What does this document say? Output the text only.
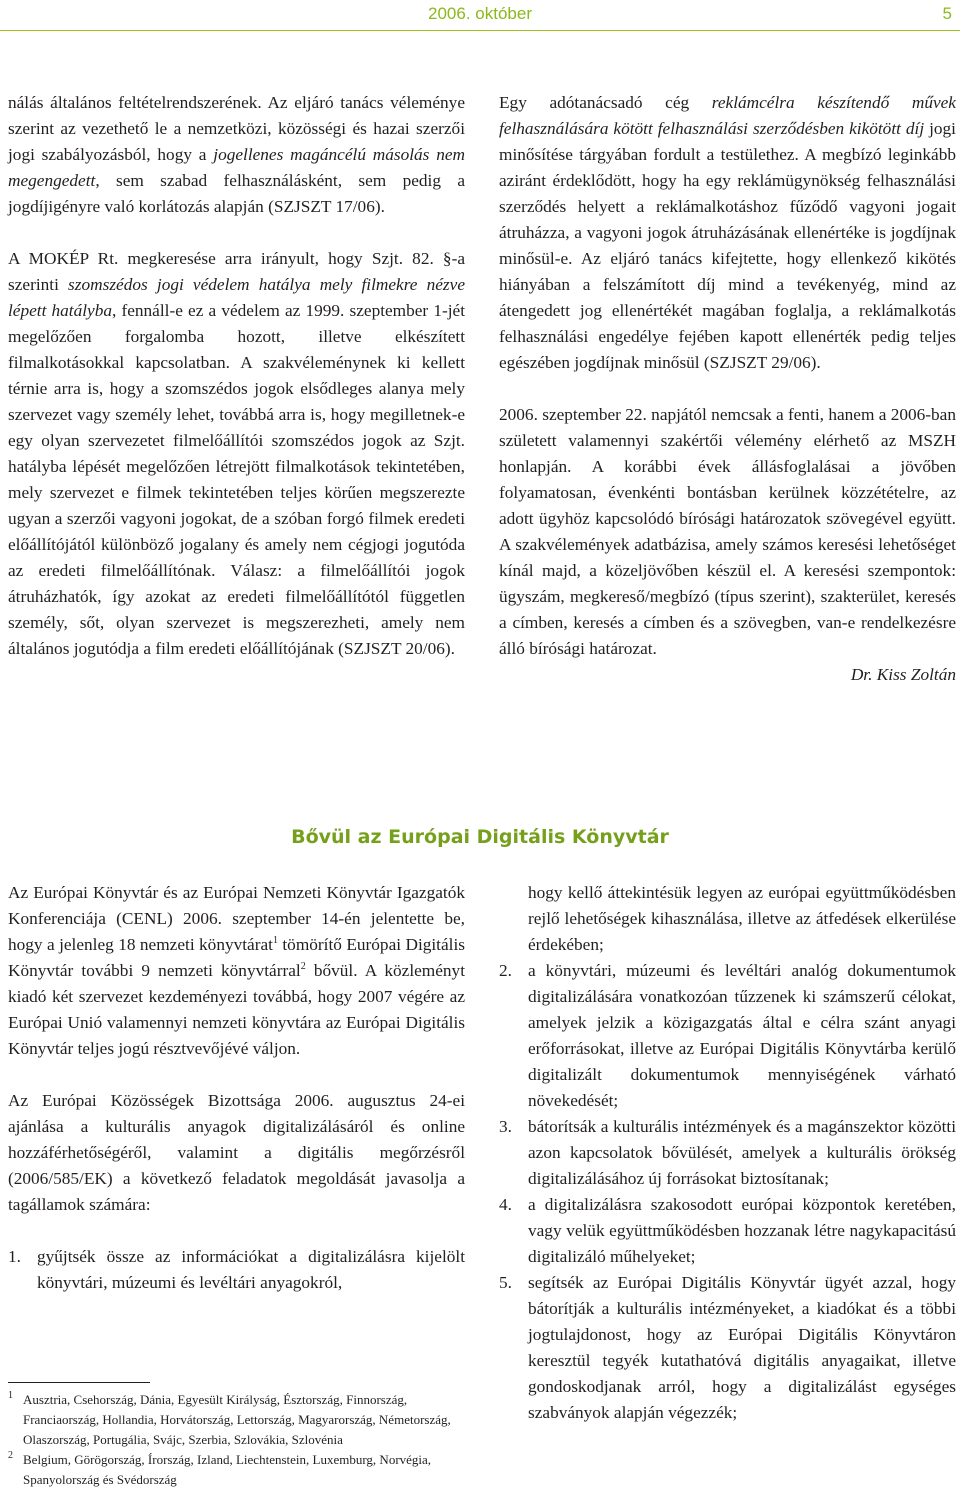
2006. október	5

nálás általános feltételrendszerének. Az eljáró tanács véleménye szerint az vezethető le a nemzetközi, közösségi és hazai szerzői jogi szabályozásból, hogy a jogellenes magáncélú másolás nem megengedett, sem szabad felhasználásként, sem pedig a jogdíjigényre való korlátozás alapján (SZJSZT 17/06).

A MOKÉP Rt. megkeresése arra irányult, hogy Szjt. 82. §-a szerinti szomszédos jogi védelem hatálya mely filmekre nézve lépett hatályba, fennáll-e ez a védelem az 1999. szeptember 1-jét megelőzően forgalomba hozott, illetve elkészített filmalkotásokkal kapcsolatban. A szakvéleménynek ki kellett térnie arra is, hogy a szomszédos jogok elsődleges alanya mely szervezet vagy személy lehet, továbbá arra is, hogy megilletnek-e egy olyan szervezetet filmelőállítói szomszédos jogok az Szjt. hatályba lépését megelőzően létrejött filmalkotások tekintetében, mely szervezet e filmek tekintetében teljes körűen megszerezte ugyan a szerzői vagyoni jogokat, de a szóban forgó filmek eredeti előállítójától különböző jogalany és amely nem cégjogi jogutóda az eredeti filmelőállítónak. Válasz: a filmelőállítói jogok átruházhatók, így azokat az eredeti filmelőállítótól független személy, sőt, olyan szervezet is megszerezheti, amely nem általános jogutódja a film eredeti előállítójának (SZJSZT 20/06).

Egy adótanácsadó cég reklámcélra készítendő művek felhasználására kötött felhasználási szerződésben kikötött díj jogi minősítése tárgyában fordult a testülethez. A megbízó leginkább aziránt érdeklődött, hogy ha egy reklámügynökség felhasználási szerződés helyett a reklámalkotáshoz fűződő vagyoni jogait átruházza, a vagyoni jogok átruházásának ellenértéke is jogdíjnak minősül-e. Az eljáró tanács kifejtette, hogy ellenkező kikötés hiányában a felszámított díj mind a tevékenyég, mind az átengedett jog ellenértékét magában foglalja, a reklámalkotás felhasználási engedélye fejében kapott ellenérték pedig teljes egészében jogdíjnak minősül (SZJSZT 29/06).

2006. szeptember 22. napjától nemcsak a fenti, hanem a 2006-ban született valamennyi szakértői vélemény elérhető az MSZH honlapján. A korábbi évek állásfoglalásai a jövőben folyamatosan, évenkénti bontásban kerülnek közzétételre, az adott ügyhöz kapcsolódó bírósági határozatok szövegével együtt. A szakvélemények adatbázisa, amely számos keresési lehetőséget kínál majd, a közeljövőben készül el. A keresési szempontok: ügyszám, megkereső/megbízó (típus szerint), szakterület, keresés a címben, keresés a címben és a szövegben, van-e rendelkezésre álló bírósági határozat.

Dr. Kiss Zoltán

Bővül az Európai Digitális Könyvtár

Az Európai Könyvtár és az Európai Nemzeti Könyvtár Igazgatók Konferenciája (CENL) 2006. szeptember 14-én jelentette be, hogy a jelenleg 18 nemzeti könyvtárat$^1$ tömörítő Európai Digitális Könyvtár további 9 nemzeti könyvtárral$^2$ bővül. A közleményt kiadó két szervezet kezdeményezi továbbá, hogy 2007 végére az Európai Unió valamennyi nemzeti könyvtára az Európai Digitális Könyvtár teljes jogú résztvevőjévé váljon.

Az Európai Közösségek Bizottsága 2006. augusztus 24-ei ajánlása a kulturális anyagok digitalizálásáról és online hozzáférhetőségéről, valamint a digitális megőrzésről (2006/585/EK) a következő feladatok megoldását javasolja a tagállamok számára:

1. gyűjtsék össze az információkat a digitalizálásra kijelölt könyvtári, múzeumi és levéltári anyagokról,
1 Ausztria, Csehország, Dánia, Egyesült Királyság, Észtország, Finnország, Franciaország, Hollandia, Horvátország, Lettország, Magyarország, Németország, Olaszország, Portugália, Svájc, Szerbia, Szlovákia, Szlovénia
2 Belgium, Görögország, Írország, Izland, Liechtenstein, Luxemburg, Norvégia, Spanyolország és Svédország
hogy kellő áttekintésük legyen az európai együttműködésben rejlő lehetőségek kihasználása, illetve az átfedések elkerülése érdekében;
2. a könyvtári, múzeumi és levéltári analóg dokumentumok digitalizálására vonatkozóan tűzzenek ki számszerű célokat, amelyek jelzik a közigazgatás által e célra szánt anyagi erőforrásokat, illetve az Európai Digitális Könyvtárba kerülő digitalizált dokumentumok mennyiségének várható növekedését;
3. bátorítsák a kulturális intézmények és a magánszektor közötti azon kapcsolatok bővülését, amelyek a kulturális örökség digitalizálásához új forrásokat biztosítanak;
4. a digitalizálásra szakosodott európai központok keretében, vagy velük együttműködésben hozzanak létre nagykapacitású digitalizáló műhelyeket;
5. segítsék az Európai Digitális Könyvtár ügyét azzal, hogy bátorítják a kulturális intézményeket, a kiadókat és a többi jogtulajdonost, hogy az Európai Digitális Könyvtáron keresztül tegyék kutathatóvá digitális anyagaikat, illetve gondoskodjanak arról, hogy a digitalizálást egységes szabványok alapján végezzék;
